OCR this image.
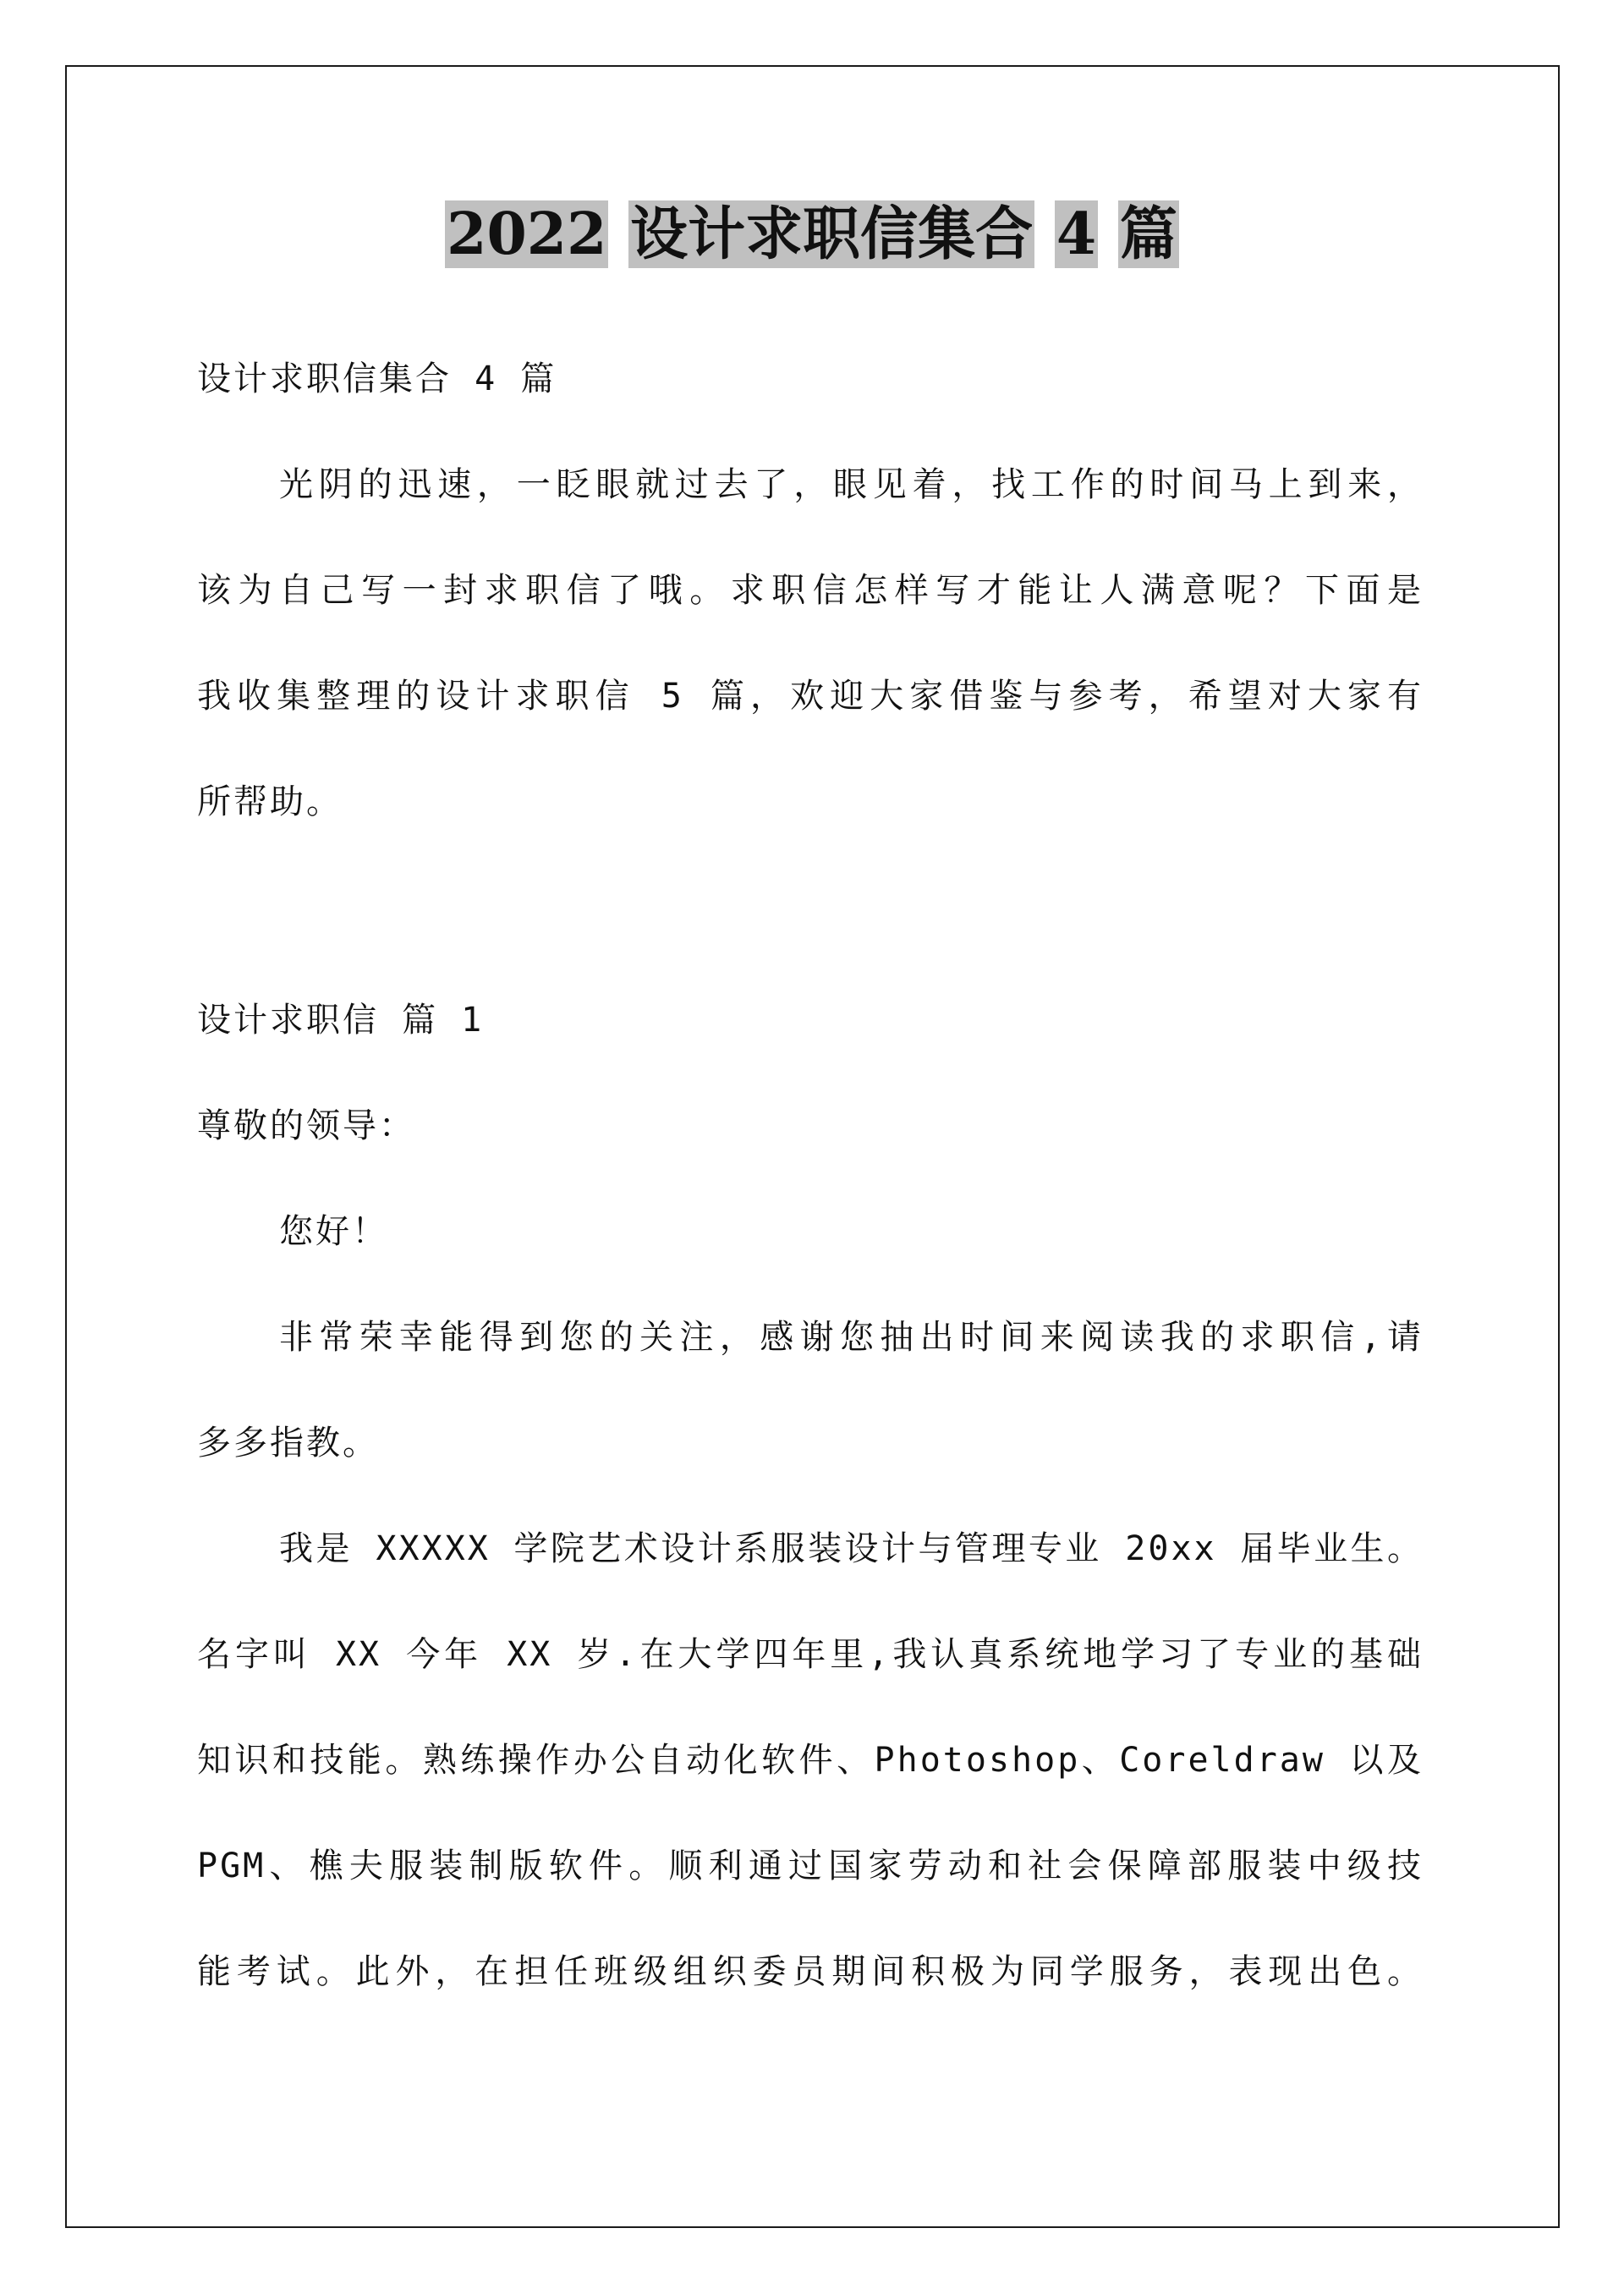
2022 设计求职信集合 4 篇

设计求职信集合 4 篇

光阴的迅速，一眨眼就过去了，眼见着，找工作的时间马上到来，

该为自己写一封求职信了哦。求职信怎样写才能让人满意呢？下面是

我收集整理的设计求职信 5 篇，欢迎大家借鉴与参考，希望对大家有

所帮助。

设计求职信 篇 1

尊敬的领导：

您好！

非常荣幸能得到您的关注，感谢您抽出时间来阅读我的求职信,请

多多指教。

我是 XXXXX 学院艺术设计系服装设计与管理专业 20xx 届毕业生。

名字叫 XX 今年 XX 岁.在大学四年里,我认真系统地学习了专业的基础

知识和技能。熟练操作办公自动化软件、Photoshop、Coreldraw 以及

PGM、樵夫服装制版软件。顺利通过国家劳动和社会保障部服装中级技

能考试。此外，在担任班级组织委员期间积极为同学服务，表现出色。
